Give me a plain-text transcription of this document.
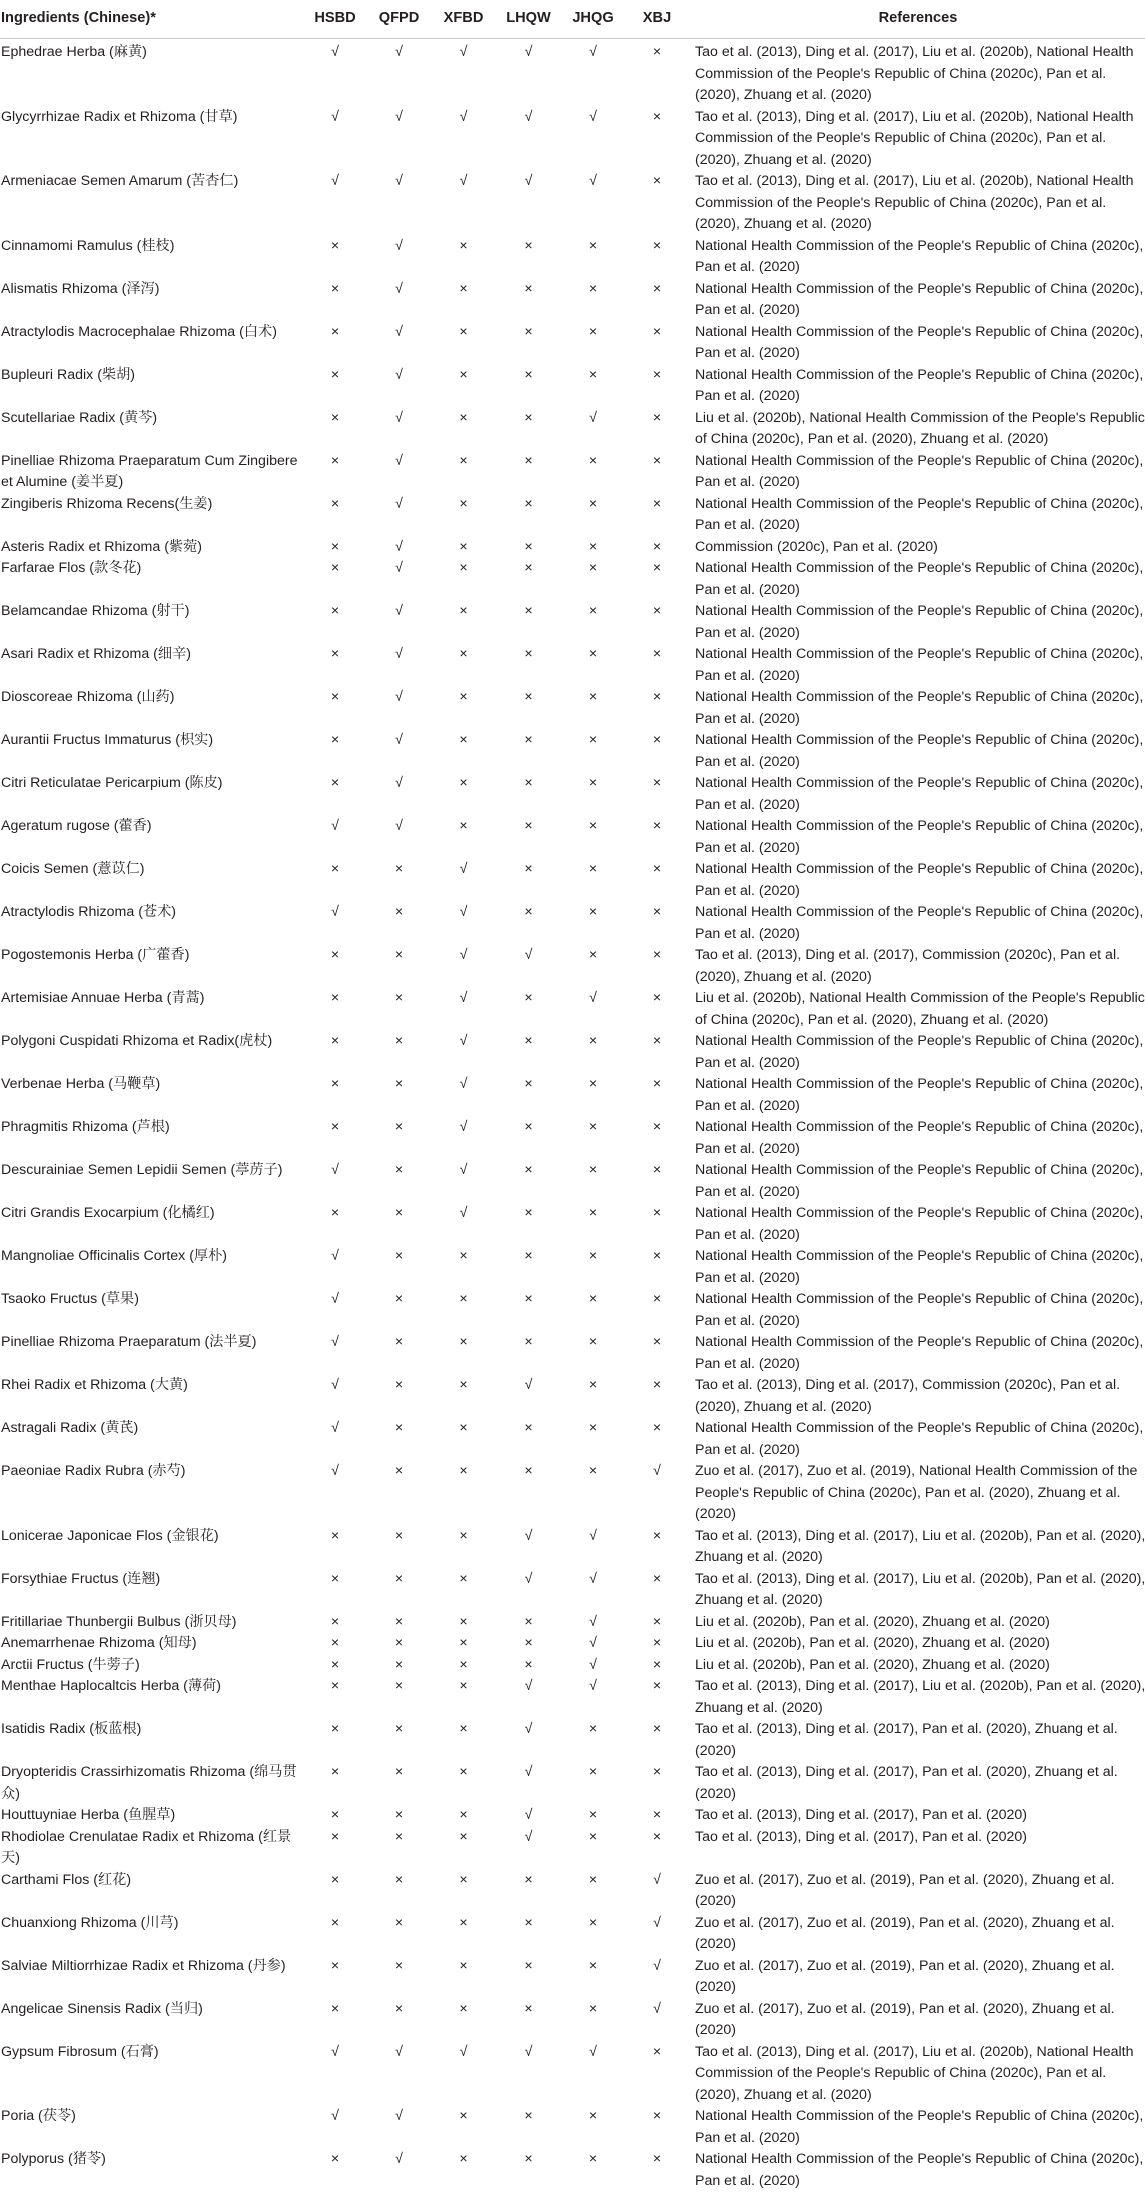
Ingredients (Chinese)*	HSBD	QFPD	XFBD	LHQW	JHQG	XBJ	References
Ephedrae Herba (麻黄)	√	√	√	√	√	×	Tao et al. (2013), Ding et al. (2017), Liu et al. (2020b), National Health Commission of the People's Republic of China (2020c), Pan et al. (2020), Zhuang et al. (2020)
Glycyrrhizae Radix et Rhizoma (甘草)	√	√	√	√	√	×	Tao et al. (2013), Ding et al. (2017), Liu et al. (2020b), National Health Commission of the People's Republic of China (2020c), Pan et al. (2020), Zhuang et al. (2020)
Armeniacae Semen Amarum (苦杏仁)	√	√	√	√	√	×	Tao et al. (2013), Ding et al. (2017), Liu et al. (2020b), National Health Commission of the People's Republic of China (2020c), Pan et al. (2020), Zhuang et al. (2020)
Cinnamomi Ramulus (桂枝)	×	√	×	×	×	×	National Health Commission of the People's Republic of China (2020c), Pan et al. (2020)
Alismatis Rhizoma (泽泻)	×	√	×	×	×	×	National Health Commission of the People's Republic of China (2020c), Pan et al. (2020)
Atractylodis Macrocephalae Rhizoma (白术)	×	√	×	×	×	×	National Health Commission of the People's Republic of China (2020c), Pan et al. (2020)
Bupleuri Radix (柴胡)	×	√	×	×	×	×	National Health Commission of the People's Republic of China (2020c), Pan et al. (2020)
Scutellariae Radix (黄芩)	×	√	×	×	√	×	Liu et al. (2020b), National Health Commission of the People's Republic of China (2020c), Pan et al. (2020), Zhuang et al. (2020)
Pinelliae Rhizoma Praeparatum Cum Zingibere et Alumine (姜半夏)	×	√	×	×	×	×	National Health Commission of the People's Republic of China (2020c), Pan et al. (2020)
Zingiberis Rhizoma Recens(生姜)	×	√	×	×	×	×	National Health Commission of the People's Republic of China (2020c), Pan et al. (2020)
Asteris Radix et Rhizoma (紫菀)	×	√	×	×	×	×	Commission (2020c), Pan et al. (2020)
Farfarae Flos (款冬花)	×	√	×	×	×	×	National Health Commission of the People's Republic of China (2020c), Pan et al. (2020)
Belamcandae Rhizoma (射干)	×	√	×	×	×	×	National Health Commission of the People's Republic of China (2020c), Pan et al. (2020)
Asari Radix et Rhizoma (细辛)	×	√	×	×	×	×	National Health Commission of the People's Republic of China (2020c), Pan et al. (2020)
Dioscoreae Rhizoma (山药)	×	√	×	×	×	×	National Health Commission of the People's Republic of China (2020c), Pan et al. (2020)
Aurantii Fructus Immaturus (枳实)	×	√	×	×	×	×	National Health Commission of the People's Republic of China (2020c), Pan et al. (2020)
Citri Reticulatae Pericarpium (陈皮)	×	√	×	×	×	×	National Health Commission of the People's Republic of China (2020c), Pan et al. (2020)
Ageratum rugose (藿香)	√	√	×	×	×	×	National Health Commission of the People's Republic of China (2020c), Pan et al. (2020)
Coicis Semen (薏苡仁)	×	×	√	×	×	×	National Health Commission of the People's Republic of China (2020c), Pan et al. (2020)
Atractylodis Rhizoma (苍术)	√	×	√	×	×	×	National Health Commission of the People's Republic of China (2020c), Pan et al. (2020)
Pogostemonis Herba (广藿香)	×	×	√	√	×	×	Tao et al. (2013), Ding et al. (2017), Commission (2020c), Pan et al. (2020), Zhuang et al. (2020)
Artemisiae Annuae Herba (青蒿)	×	×	√	×	√	×	Liu et al. (2020b), National Health Commission of the People's Republic of China (2020c), Pan et al. (2020), Zhuang et al. (2020)
Polygoni Cuspidati Rhizoma et Radix(虎杖)	×	×	√	×	×	×	National Health Commission of the People's Republic of China (2020c), Pan et al. (2020)
Verbenae Herba (马鞭草)	×	×	√	×	×	×	National Health Commission of the People's Republic of China (2020c), Pan et al. (2020)
Phragmitis Rhizoma (芦根)	×	×	√	×	×	×	National Health Commission of the People's Republic of China (2020c), Pan et al. (2020)
Descurainiae Semen Lepidii Semen (葶苈子)	√	×	√	×	×	×	National Health Commission of the People's Republic of China (2020c), Pan et al. (2020)
Citri Grandis Exocarpium (化橘红)	×	×	√	×	×	×	National Health Commission of the People's Republic of China (2020c), Pan et al. (2020)
Mangnoliae Officinalis Cortex (厚朴)	√	×	×	×	×	×	National Health Commission of the People's Republic of China (2020c), Pan et al. (2020)
Tsaoko Fructus (草果)	√	×	×	×	×	×	National Health Commission of the People's Republic of China (2020c), Pan et al. (2020)
Pinelliae Rhizoma Praeparatum (法半夏)	√	×	×	×	×	×	National Health Commission of the People's Republic of China (2020c), Pan et al. (2020)
Rhei Radix et Rhizoma (大黄)	√	×	×	√	×	×	Tao et al. (2013), Ding et al. (2017), Commission (2020c), Pan et al. (2020), Zhuang et al. (2020)
Astragali Radix (黄芪)	√	×	×	×	×	×	National Health Commission of the People's Republic of China (2020c), Pan et al. (2020)
Paeoniae Radix Rubra (赤芍)	√	×	×	×	×	√	Zuo et al. (2017), Zuo et al. (2019), National Health Commission of the People's Republic of China (2020c), Pan et al. (2020), Zhuang et al. (2020)
Lonicerae Japonicae Flos (金银花)	×	×	×	√	√	×	Tao et al. (2013), Ding et al. (2017), Liu et al. (2020b), Pan et al. (2020), Zhuang et al. (2020)
Forsythiae Fructus (连翘)	×	×	×	√	√	×	Tao et al. (2013), Ding et al. (2017), Liu et al. (2020b), Pan et al. (2020), Zhuang et al. (2020)
Fritillariae Thunbergii Bulbus (浙贝母)	×	×	×	×	√	×	Liu et al. (2020b), Pan et al. (2020), Zhuang et al. (2020)
Anemarrhenae Rhizoma (知母)	×	×	×	×	√	×	Liu et al. (2020b), Pan et al. (2020), Zhuang et al. (2020)
Arctii Fructus (牛蒡子)	×	×	×	×	√	×	Liu et al. (2020b), Pan et al. (2020), Zhuang et al. (2020)
Menthae Haplocaltcis Herba (薄荷)	×	×	×	√	√	×	Tao et al. (2013), Ding et al. (2017), Liu et al. (2020b), Pan et al. (2020), Zhuang et al. (2020)
Isatidis Radix (板蓝根)	×	×	×	√	×	×	Tao et al. (2013), Ding et al. (2017), Pan et al. (2020), Zhuang et al. (2020)
Dryopteridis Crassirhizomatis Rhizoma (绵马贯众)	×	×	×	√	×	×	Tao et al. (2013), Ding et al. (2017), Pan et al. (2020), Zhuang et al. (2020)
Houttuyniae Herba (鱼腥草)	×	×	×	√	×	×	Tao et al. (2013), Ding et al. (2017), Pan et al. (2020)
Rhodiolae Crenulatae Radix et Rhizoma (红景天)	×	×	×	√	×	×	Tao et al. (2013), Ding et al. (2017), Pan et al. (2020)
Carthami Flos (红花)	×	×	×	×	×	√	Zuo et al. (2017), Zuo et al. (2019), Pan et al. (2020), Zhuang et al. (2020)
Chuanxiong Rhizoma (川芎)	×	×	×	×	×	√	Zuo et al. (2017), Zuo et al. (2019), Pan et al. (2020), Zhuang et al. (2020)
Salviae Miltiorrhizae Radix et Rhizoma (丹参)	×	×	×	×	×	√	Zuo et al. (2017), Zuo et al. (2019), Pan et al. (2020), Zhuang et al. (2020)
Angelicae Sinensis Radix (当归)	×	×	×	×	×	√	Zuo et al. (2017), Zuo et al. (2019), Pan et al. (2020), Zhuang et al. (2020)
Gypsum Fibrosum (石膏)	√	√	√	√	√	×	Tao et al. (2013), Ding et al. (2017), Liu et al. (2020b), National Health Commission of the People's Republic of China (2020c), Pan et al. (2020), Zhuang et al. (2020)
Poria (茯苓)	√	√	×	×	×	×	National Health Commission of the People's Republic of China (2020c), Pan et al. (2020)
Polyporus (猪苓)	×	√	×	×	×	×	National Health Commission of the People's Republic of China (2020c), Pan et al. (2020)
